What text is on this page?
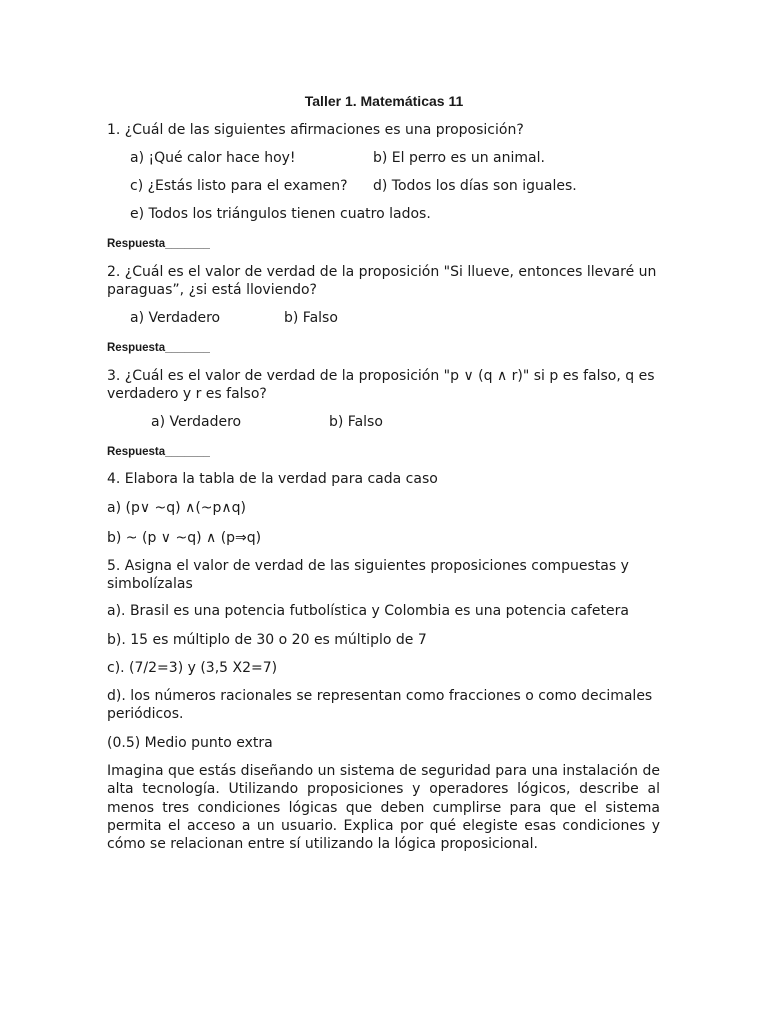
Taller 1. Matemáticas 11
1. ¿Cuál de las siguientes afirmaciones es una proposición?
a) ¡Qué calor hace hoy!	b) El perro es un animal.
c) ¿Estás listo para el examen? d) Todos los días son iguales.
e) Todos los triángulos tienen cuatro lados.
Respuesta_______
2. ¿Cuál es el valor de verdad de la proposición "Si llueve, entonces llevaré un paraguas”, ¿si está lloviendo?
a) Verdadero	b) Falso
Respuesta_______
3. ¿Cuál es el valor de verdad de la proposición "p ∨ (q ∧ r)" si p es falso, q es verdadero y r es falso?
a) Verdadero	b) Falso
Respuesta_______
4. Elabora la tabla de la verdad para cada caso
a) (p∨ ~q) ∧(~p∧q)
b) ~ (p ∨ ~q) ∧ (p⇒q)
5. Asigna el valor de verdad de las siguientes proposiciones compuestas y simbolízalas
a). Brasil es una potencia futbolística y Colombia es una potencia cafetera
b). 15 es múltiplo de 30 o 20 es múltiplo de 7
c). (7/2=3) y (3,5 X2=7)
d). los números racionales se representan como fracciones o como decimales periódicos.
(0.5) Medio punto extra
Imagina que estás diseñando un sistema de seguridad para una instalación de alta tecnología. Utilizando proposiciones y operadores lógicos, describe al menos tres condiciones lógicas que deben cumplirse para que el sistema permita el acceso a un usuario. Explica por qué elegiste esas condiciones y cómo se relacionan entre sí utilizando la lógica proposicional.
